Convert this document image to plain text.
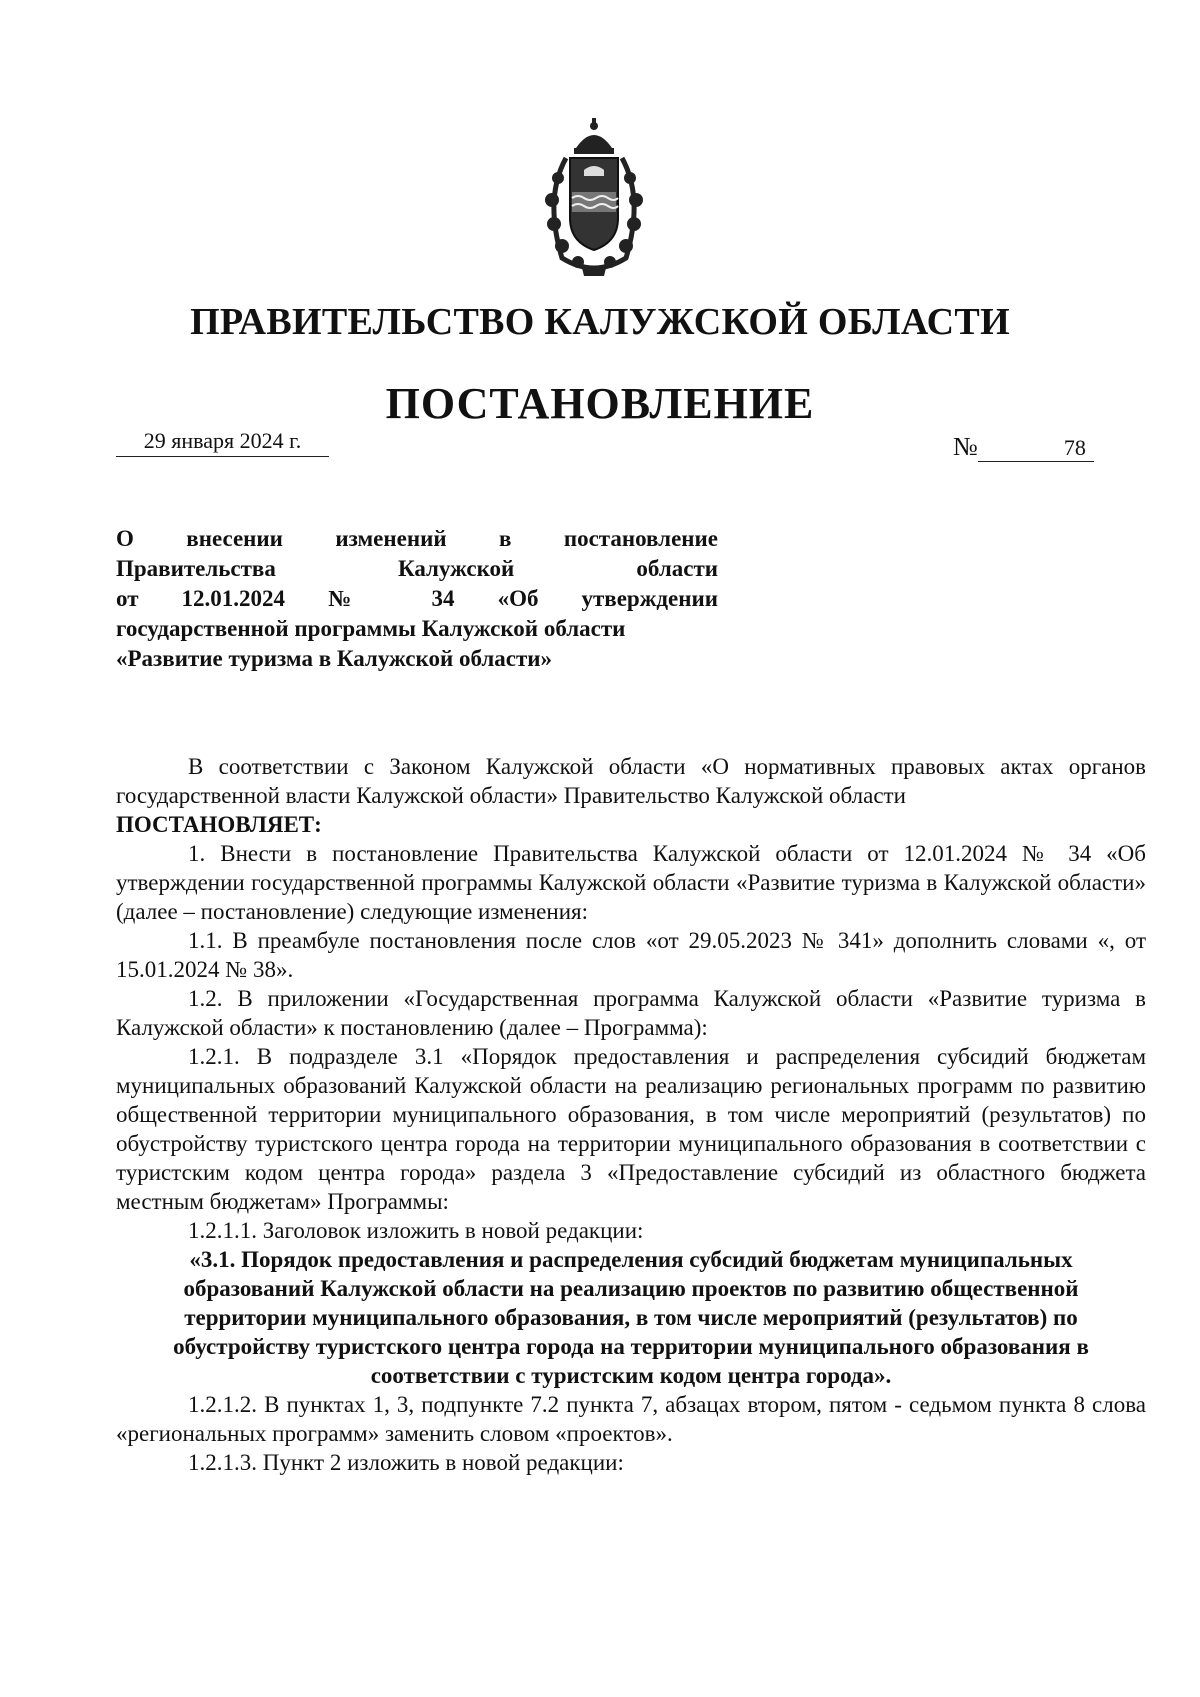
ПРАВИТЕЛЬСТВО КАЛУЖСКОЙ ОБЛАСТИ
ПОСТАНОВЛЕНИЕ
29 января 2024 г.	№	78
О внесении изменений в постановление
Правительства Калужской области
от 12.01.2024 № 34 «Об утверждении
государственной программы Калужской области
«Развитие туризма в Калужской области»

В соответствии с Законом Калужской области «О нормативных правовых актах органов государственной власти Калужской области» Правительство Калужской области

ПОСТАНОВЛЯЕТ:

1. Внести в постановление Правительства Калужской области от 12.01.2024 № 34 «Об утверждении государственной программы Калужской области «Развитие туризма в Калужской области» (далее – постановление) следующие изменения:

1.1. В преамбуле постановления после слов «от 29.05.2023 № 341» дополнить словами «, от 15.01.2024 № 38».

1.2. В приложении «Государственная программа Калужской области «Развитие туризма в Калужской области» к постановлению (далее – Программа):

1.2.1. В подразделе 3.1 «Порядок предоставления и распределения субсидий бюджетам муниципальных образований Калужской области на реализацию региональных программ по развитию общественной территории муниципального образования, в том числе мероприятий (результатов) по обустройству туристского центра города на территории муниципального образования в соответствии с туристским кодом центра города» раздела 3 «Предоставление субсидий из областного бюджета местным бюджетам» Программы:

1.2.1.1. Заголовок изложить в новой редакции:

«3.1. Порядок предоставления и распределения субсидий бюджетам муниципальных образований Калужской области на реализацию проектов по развитию общественной территории муниципального образования, в том числе мероприятий (результатов) по обустройству туристского центра города на территории муниципального образования в соответствии с туристским кодом центра города».

1.2.1.2. В пунктах 1, 3, подпункте 7.2 пункта 7, абзацах втором, пятом - седьмом пункта 8 слова «региональных программ» заменить словом «проектов».

1.2.1.3. Пункт 2 изложить в новой редакции:
